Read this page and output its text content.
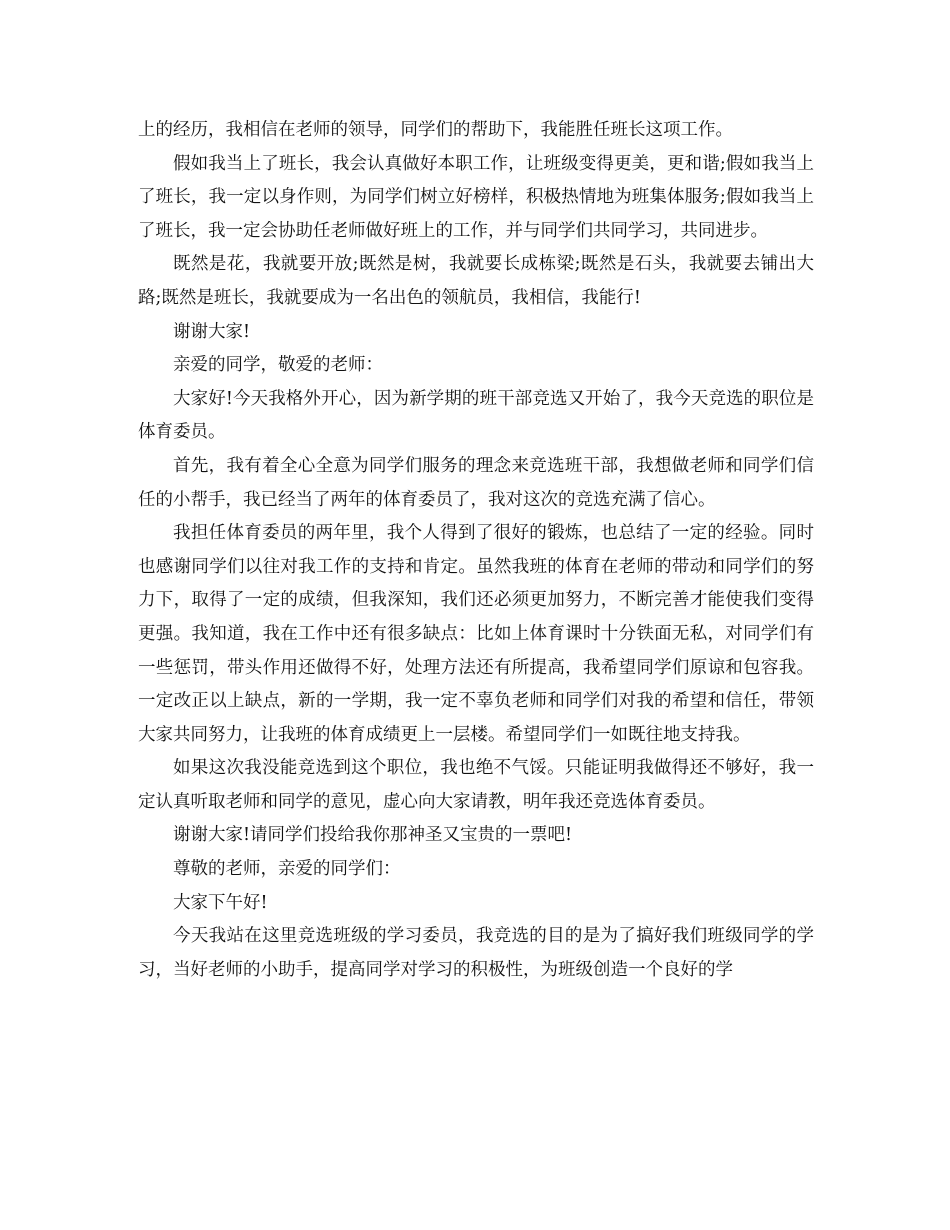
上的经历，我相信在老师的领导，同学们的帮助下，我能胜任班长这项工作。

假如我当上了班长，我会认真做好本职工作，让班级变得更美，更和谐;假如我当上了班长，我一定以身作则，为同学们树立好榜样，积极热情地为班集体服务;假如我当上了班长，我一定会协助任老师做好班上的工作，并与同学们共同学习，共同进步。

既然是花，我就要开放;既然是树，我就要长成栋梁;既然是石头，我就要去铺出大路;既然是班长，我就要成为一名出色的领航员，我相信，我能行!

谢谢大家!

亲爱的同学，敬爱的老师：

大家好!今天我格外开心，因为新学期的班干部竞选又开始了，我今天竞选的职位是体育委员。

首先，我有着全心全意为同学们服务的理念来竞选班干部，我想做老师和同学们信任的小帮手，我已经当了两年的体育委员了，我对这次的竞选充满了信心。

我担任体育委员的两年里，我个人得到了很好的锻炼，也总结了一定的经验。同时也感谢同学们以往对我工作的支持和肯定。虽然我班的体育在老师的带动和同学们的努力下，取得了一定的成绩，但我深知，我们还必须更加努力，不断完善才能使我们变得更强。我知道，我在工作中还有很多缺点：比如上体育课时十分铁面无私，对同学们有一些惩罚，带头作用还做得不好，处理方法还有所提高，我希望同学们原谅和包容我。一定改正以上缺点，新的一学期，我一定不辜负老师和同学们对我的希望和信任，带领大家共同努力，让我班的体育成绩更上一层楼。希望同学们一如既往地支持我。

如果这次我没能竞选到这个职位，我也绝不气馁。只能证明我做得还不够好，我一定认真听取老师和同学的意见，虚心向大家请教，明年我还竞选体育委员。

谢谢大家!请同学们投给我你那神圣又宝贵的一票吧!

尊敬的老师，亲爱的同学们：

大家下午好!

今天我站在这里竞选班级的学习委员，我竞选的目的是为了搞好我们班级同学的学习，当好老师的小助手，提高同学对学习的积极性，为班级创造一个良好的学
